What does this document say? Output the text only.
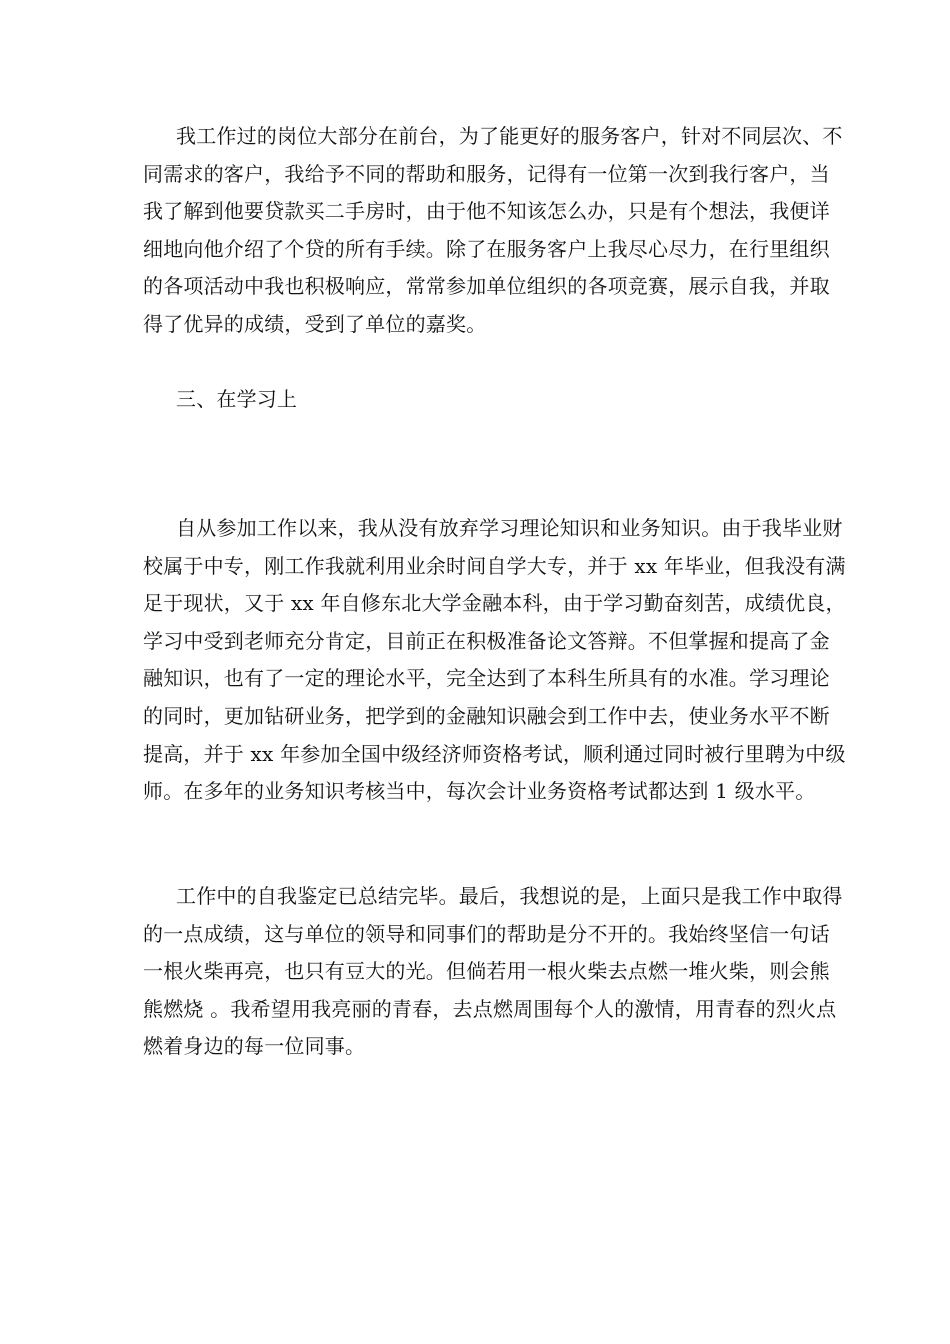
我工作过的岗位大部分在前台，为了能更好的服务客户，针对不同层次、不
同需求的客户，我给予不同的帮助和服务，记得有一位第一次到我行客户，当
我了解到他要贷款买二手房时，由于他不知该怎么办，只是有个想法，我便详
细地向他介绍了个贷的所有手续。除了在服务客户上我尽心尽力，在行里组织
的各项活动中我也积极响应，常常参加单位组织的各项竞赛，展示自我，并取
得了优异的成绩，受到了单位的嘉奖。
三、在学习上
自从参加工作以来，我从没有放弃学习理论知识和业务知识。由于我毕业财
校属于中专，刚工作我就利用业余时间自学大专，并于 xx 年毕业，但我没有满
足于现状，又于 xx 年自修东北大学金融本科，由于学习勤奋刻苦，成绩优良，
学习中受到老师充分肯定，目前正在积极准备论文答辩。不但掌握和提高了金
融知识，也有了一定的理论水平，完全达到了本科生所具有的水准。学习理论
的同时，更加钻研业务，把学到的金融知识融会到工作中去，使业务水平不断
提高，并于 xx 年参加全国中级经济师资格考试，顺利通过同时被行里聘为中级
师。在多年的业务知识考核当中，每次会计业务资格考试都达到 1 级水平。
工作中的自我鉴定已总结完毕。最后，我想说的是，上面只是我工作中取得
的一点成绩，这与单位的领导和同事们的帮助是分不开的。我始终坚信一句话
一根火柴再亮，也只有豆大的光。但倘若用一根火柴去点燃一堆火柴，则会熊
熊燃烧 。我希望用我亮丽的青春，去点燃周围每个人的激情，用青春的烈火点
燃着身边的每一位同事。
